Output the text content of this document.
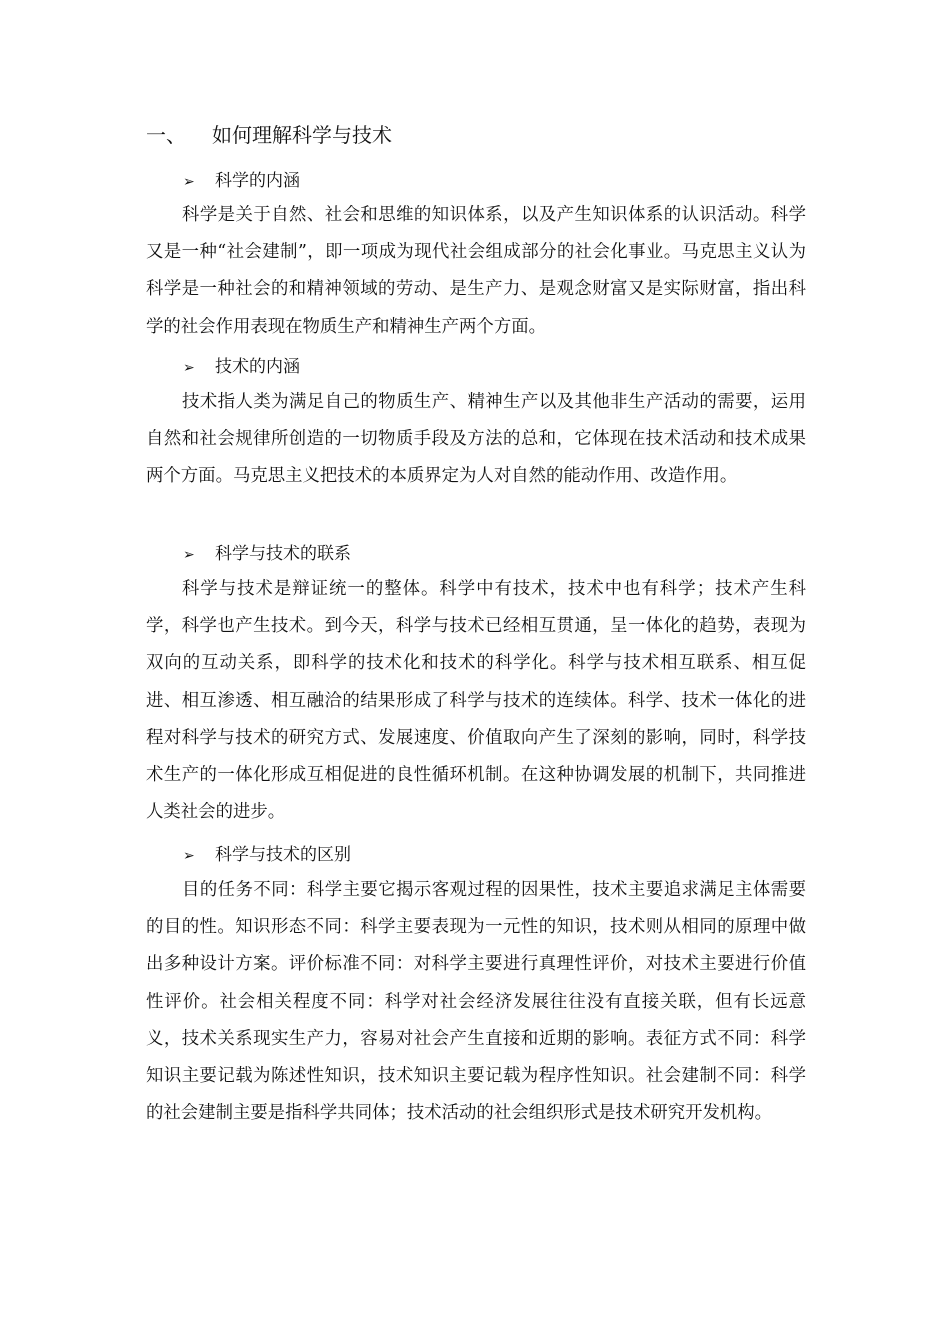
一、 如何理解科学与技术
➢ 科学的内涵

科学是关于自然、社会和思维的知识体系，以及产生知识体系的认识活动。科学又是一种“社会建制”，即一项成为现代社会组成部分的社会化事业。马克思主义认为科学是一种社会的和精神领域的劳动、是生产力、是观念财富又是实际财富，指出科学的社会作用表现在物质生产和精神生产两个方面。

➢ 技术的内涵

技术指人类为满足自己的物质生产、精神生产以及其他非生产活动的需要，运用自然和社会规律所创造的一切物质手段及方法的总和，它体现在技术活动和技术成果两个方面。马克思主义把技术的本质界定为人对自然的能动作用、改造作用。

➢ 科学与技术的联系

科学与技术是辩证统一的整体。科学中有技术，技术中也有科学；技术产生科学，科学也产生技术。到今天，科学与技术已经相互贯通，呈一体化的趋势，表现为双向的互动关系，即科学的技术化和技术的科学化。科学与技术相互联系、相互促进、相互渗透、相互融洽的结果形成了科学与技术的连续体。科学、技术一体化的进程对科学与技术的研究方式、发展速度、价值取向产生了深刻的影响，同时，科学技术生产的一体化形成互相促进的良性循环机制。在这种协调发展的机制下，共同推进人类社会的进步。

➢ 科学与技术的区别

目的任务不同：科学主要它揭示客观过程的因果性，技术主要追求满足主体需要的目的性。知识形态不同：科学主要表现为一元性的知识，技术则从相同的原理中做出多种设计方案。评价标准不同：对科学主要进行真理性评价，对技术主要进行价值性评价。社会相关程度不同：科学对社会经济发展往往没有直接关联，但有长远意义，技术关系现实生产力，容易对社会产生直接和近期的影响。表征方式不同：科学知识主要记载为陈述性知识，技术知识主要记载为程序性知识。社会建制不同：科学的社会建制主要是指科学共同体；技术活动的社会组织形式是技术研究开发机构。
